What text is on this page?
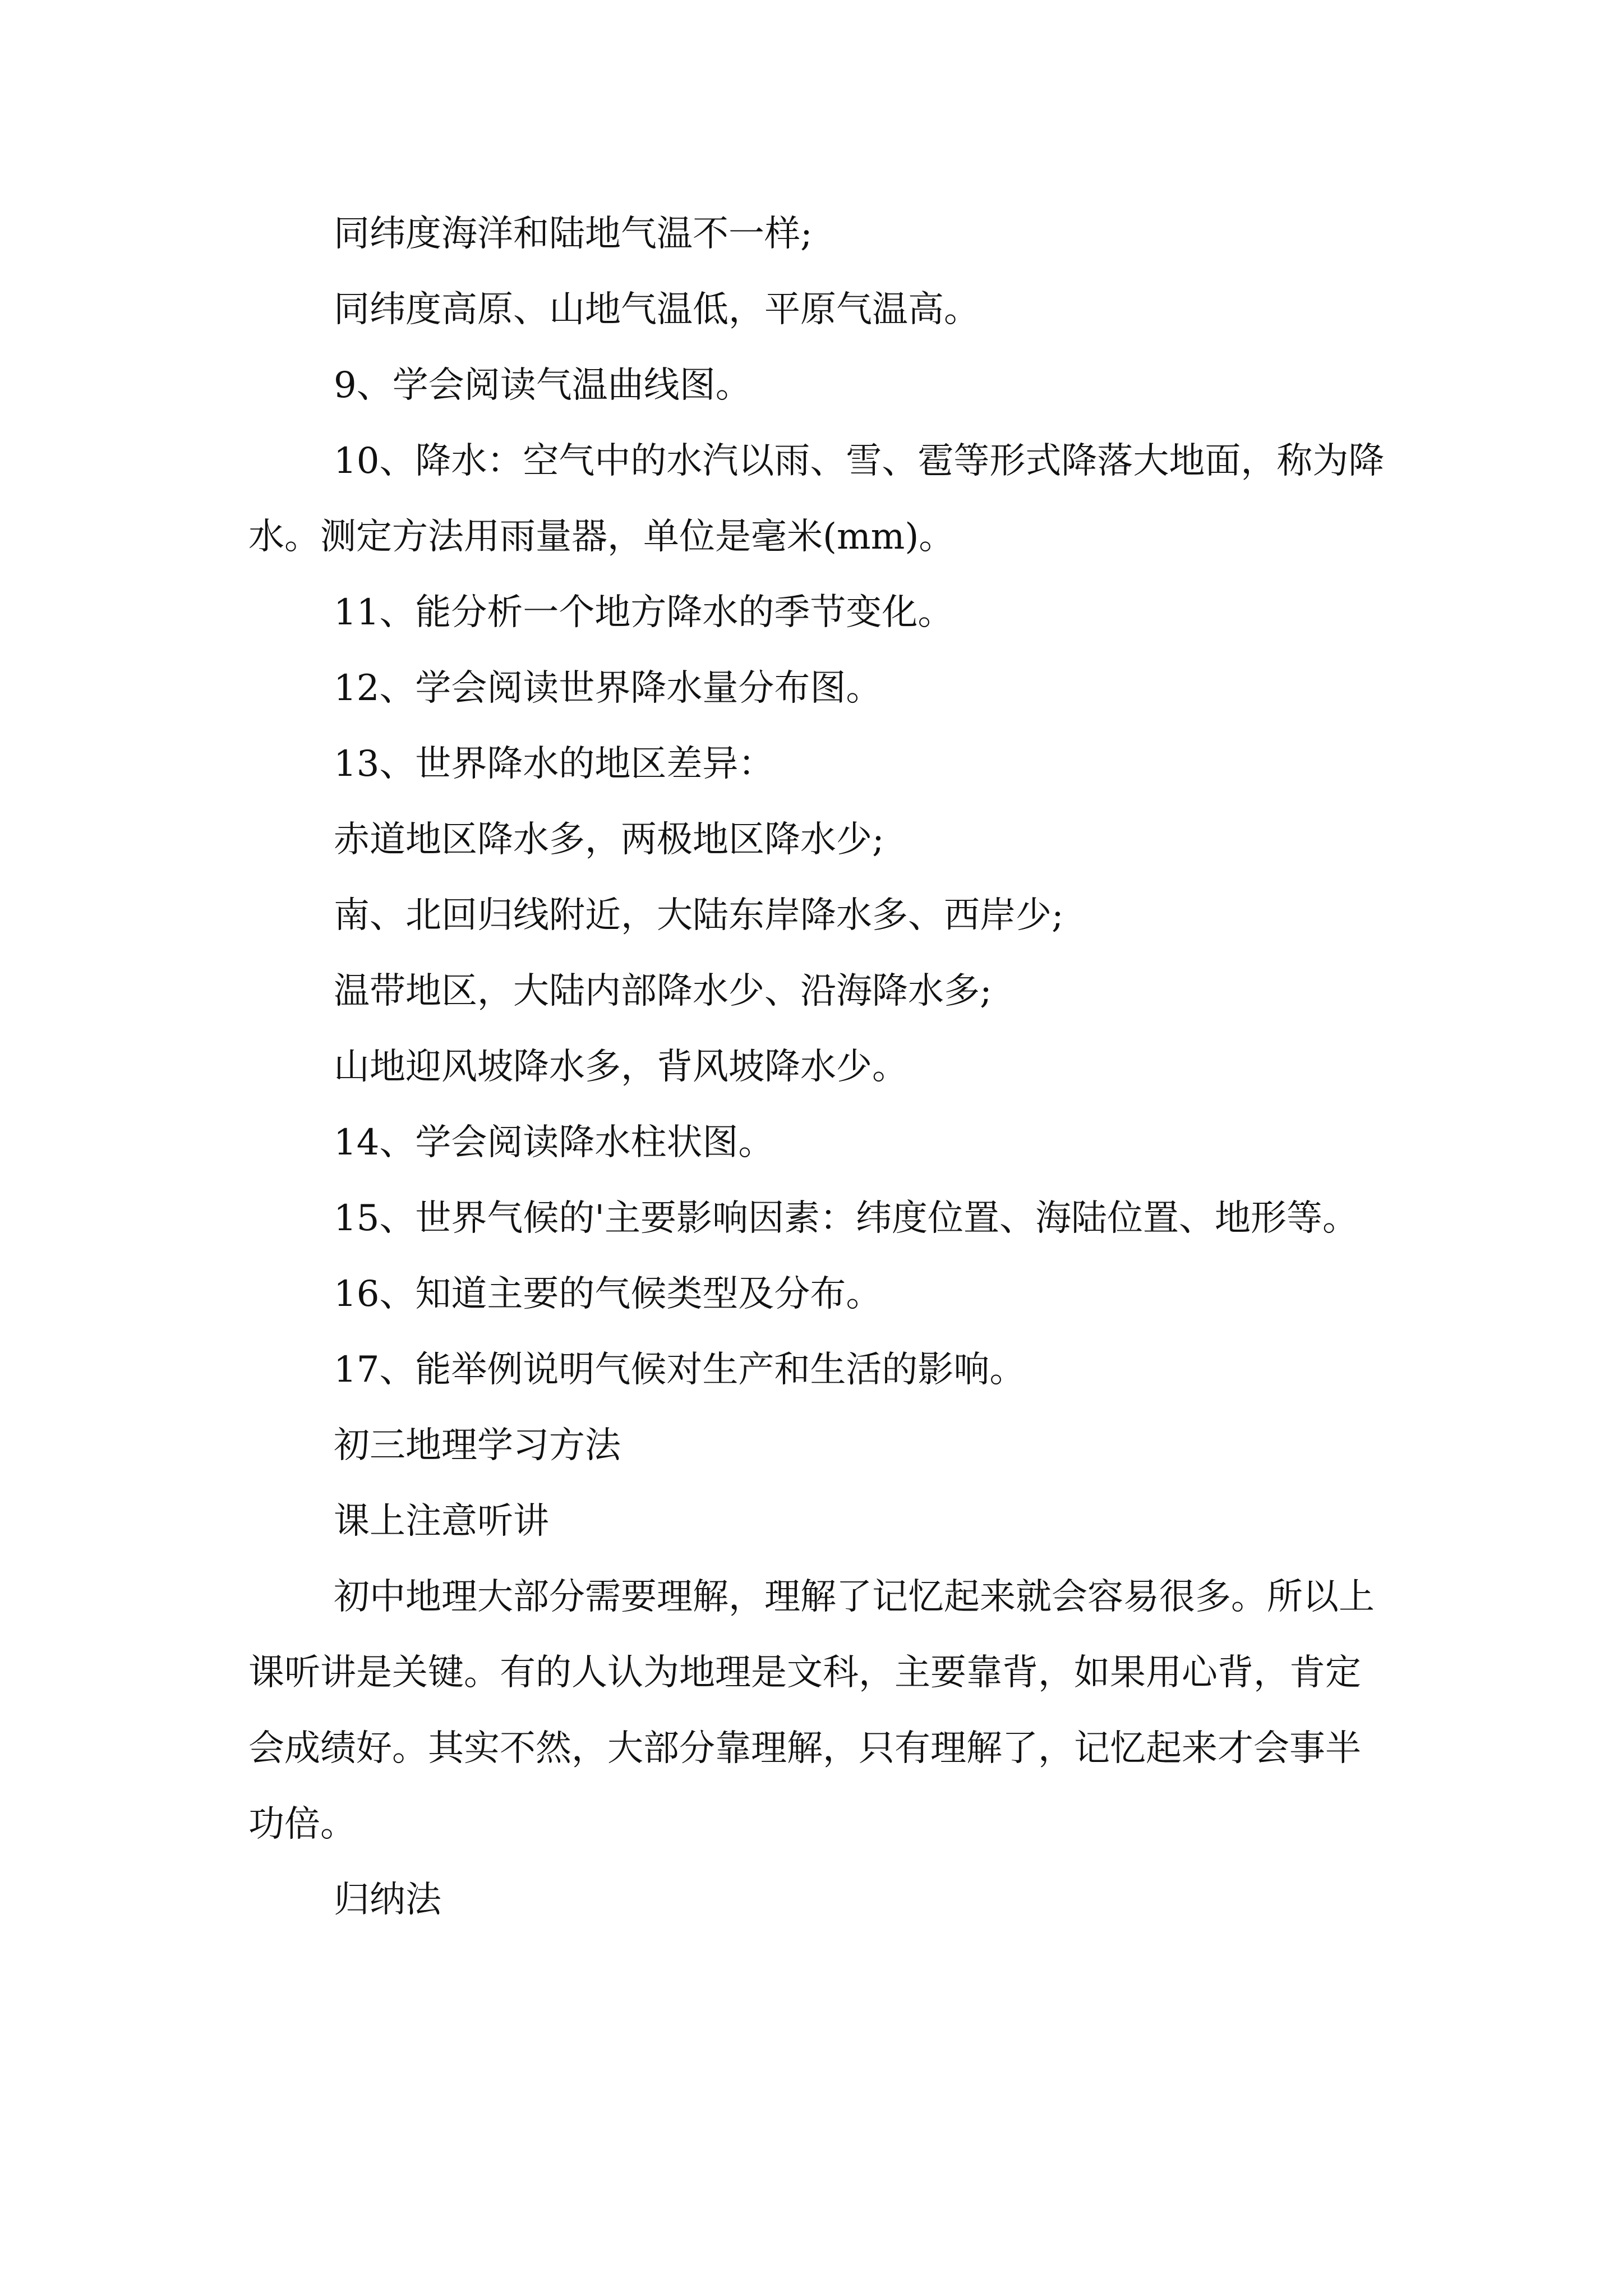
同纬度海洋和陆地气温不一样;

同纬度高原、山地气温低，平原气温高。

9、学会阅读气温曲线图。

10、降水：空气中的水汽以雨、雪、雹等形式降落大地面，称为降水。测定方法用雨量器，单位是毫米(mm)。

11、能分析一个地方降水的季节变化。

12、学会阅读世界降水量分布图。

13、世界降水的地区差异：

赤道地区降水多，两极地区降水少;

南、北回归线附近，大陆东岸降水多、西岸少;

温带地区，大陆内部降水少、沿海降水多;

山地迎风坡降水多，背风坡降水少。

14、学会阅读降水柱状图。

15、世界气候的'主要影响因素：纬度位置、海陆位置、地形等。

16、知道主要的气候类型及分布。

17、能举例说明气候对生产和生活的影响。

初三地理学习方法

课上注意听讲

初中地理大部分需要理解，理解了记忆起来就会容易很多。所以上课听讲是关键。有的人认为地理是文科，主要靠背，如果用心背，肯定会成绩好。其实不然，大部分靠理解，只有理解了，记忆起来才会事半功倍。

归纳法
